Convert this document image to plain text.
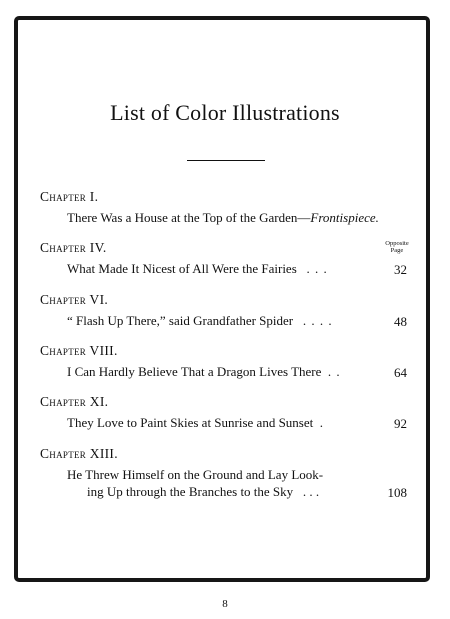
List of Color Illustrations
Chapter I.
There Was a House at the Top of the Garden—Frontispiece.
Chapter IV.	Opposite Page
What Made It Nicest of All Were the Fairies . . .	32
Chapter VI.
“ Flash Up There,” said Grandfather Spider . . . .	48
Chapter VIII.
I Can Hardly Believe That a Dragon Lives There . .	64
Chapter XI.
They Love to Paint Skies at Sunrise and Sunset .	92
Chapter XIII.
He Threw Himself on the Ground and Lay Look-
ing Up through the Branches to the Sky . . .	108
8
